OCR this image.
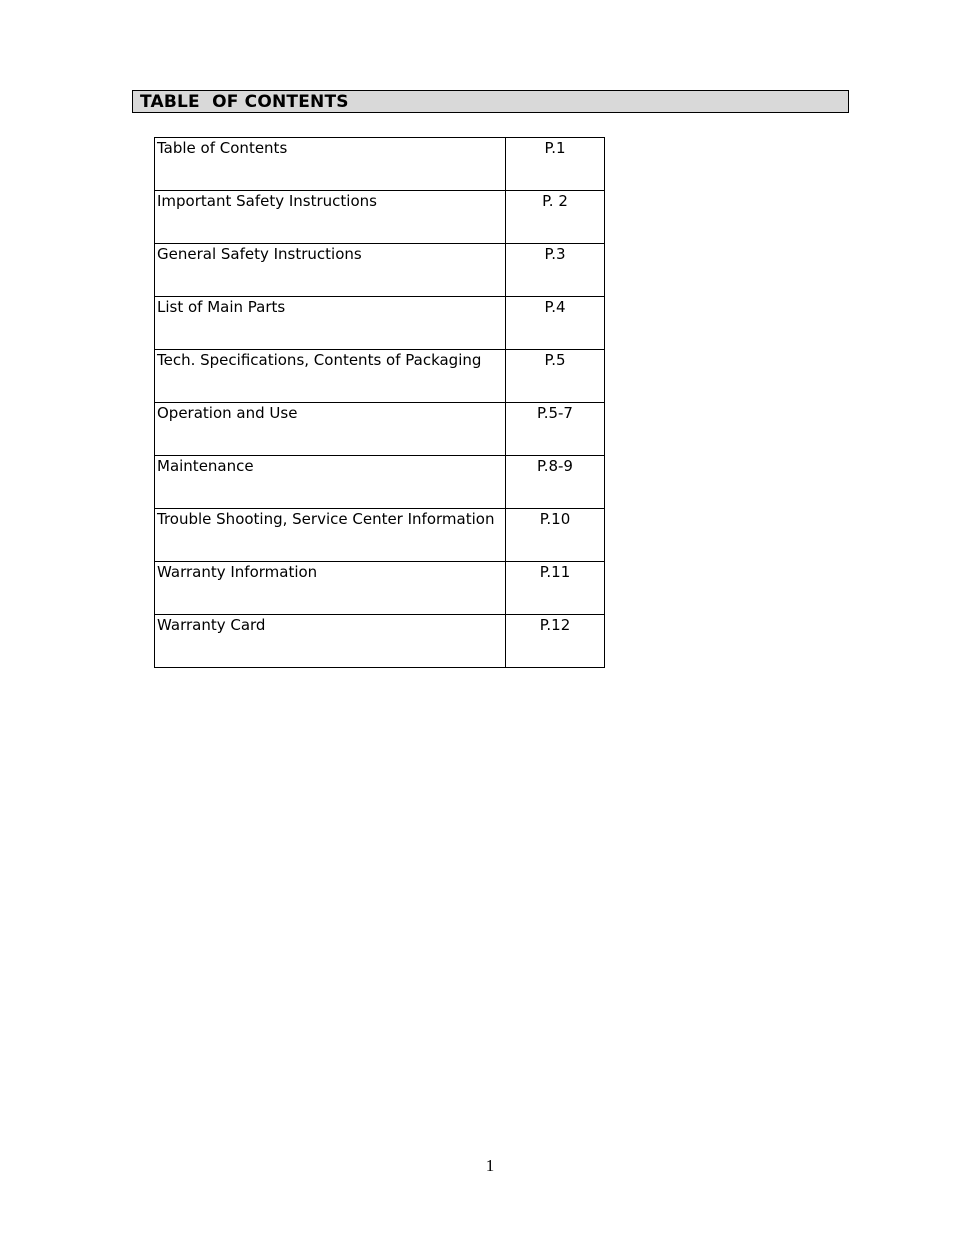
TABLE  OF CONTENTS
Table of Contents	P.1
Important Safety Instructions	P. 2
General Safety Instructions	P.3
List of Main Parts	P.4
Tech. Specifications, Contents of Packaging	P.5
Operation and Use	P.5-7
Maintenance	P.8-9
Trouble Shooting, Service Center Information	P.10
Warranty Information	P.11
Warranty Card	P.12
1
